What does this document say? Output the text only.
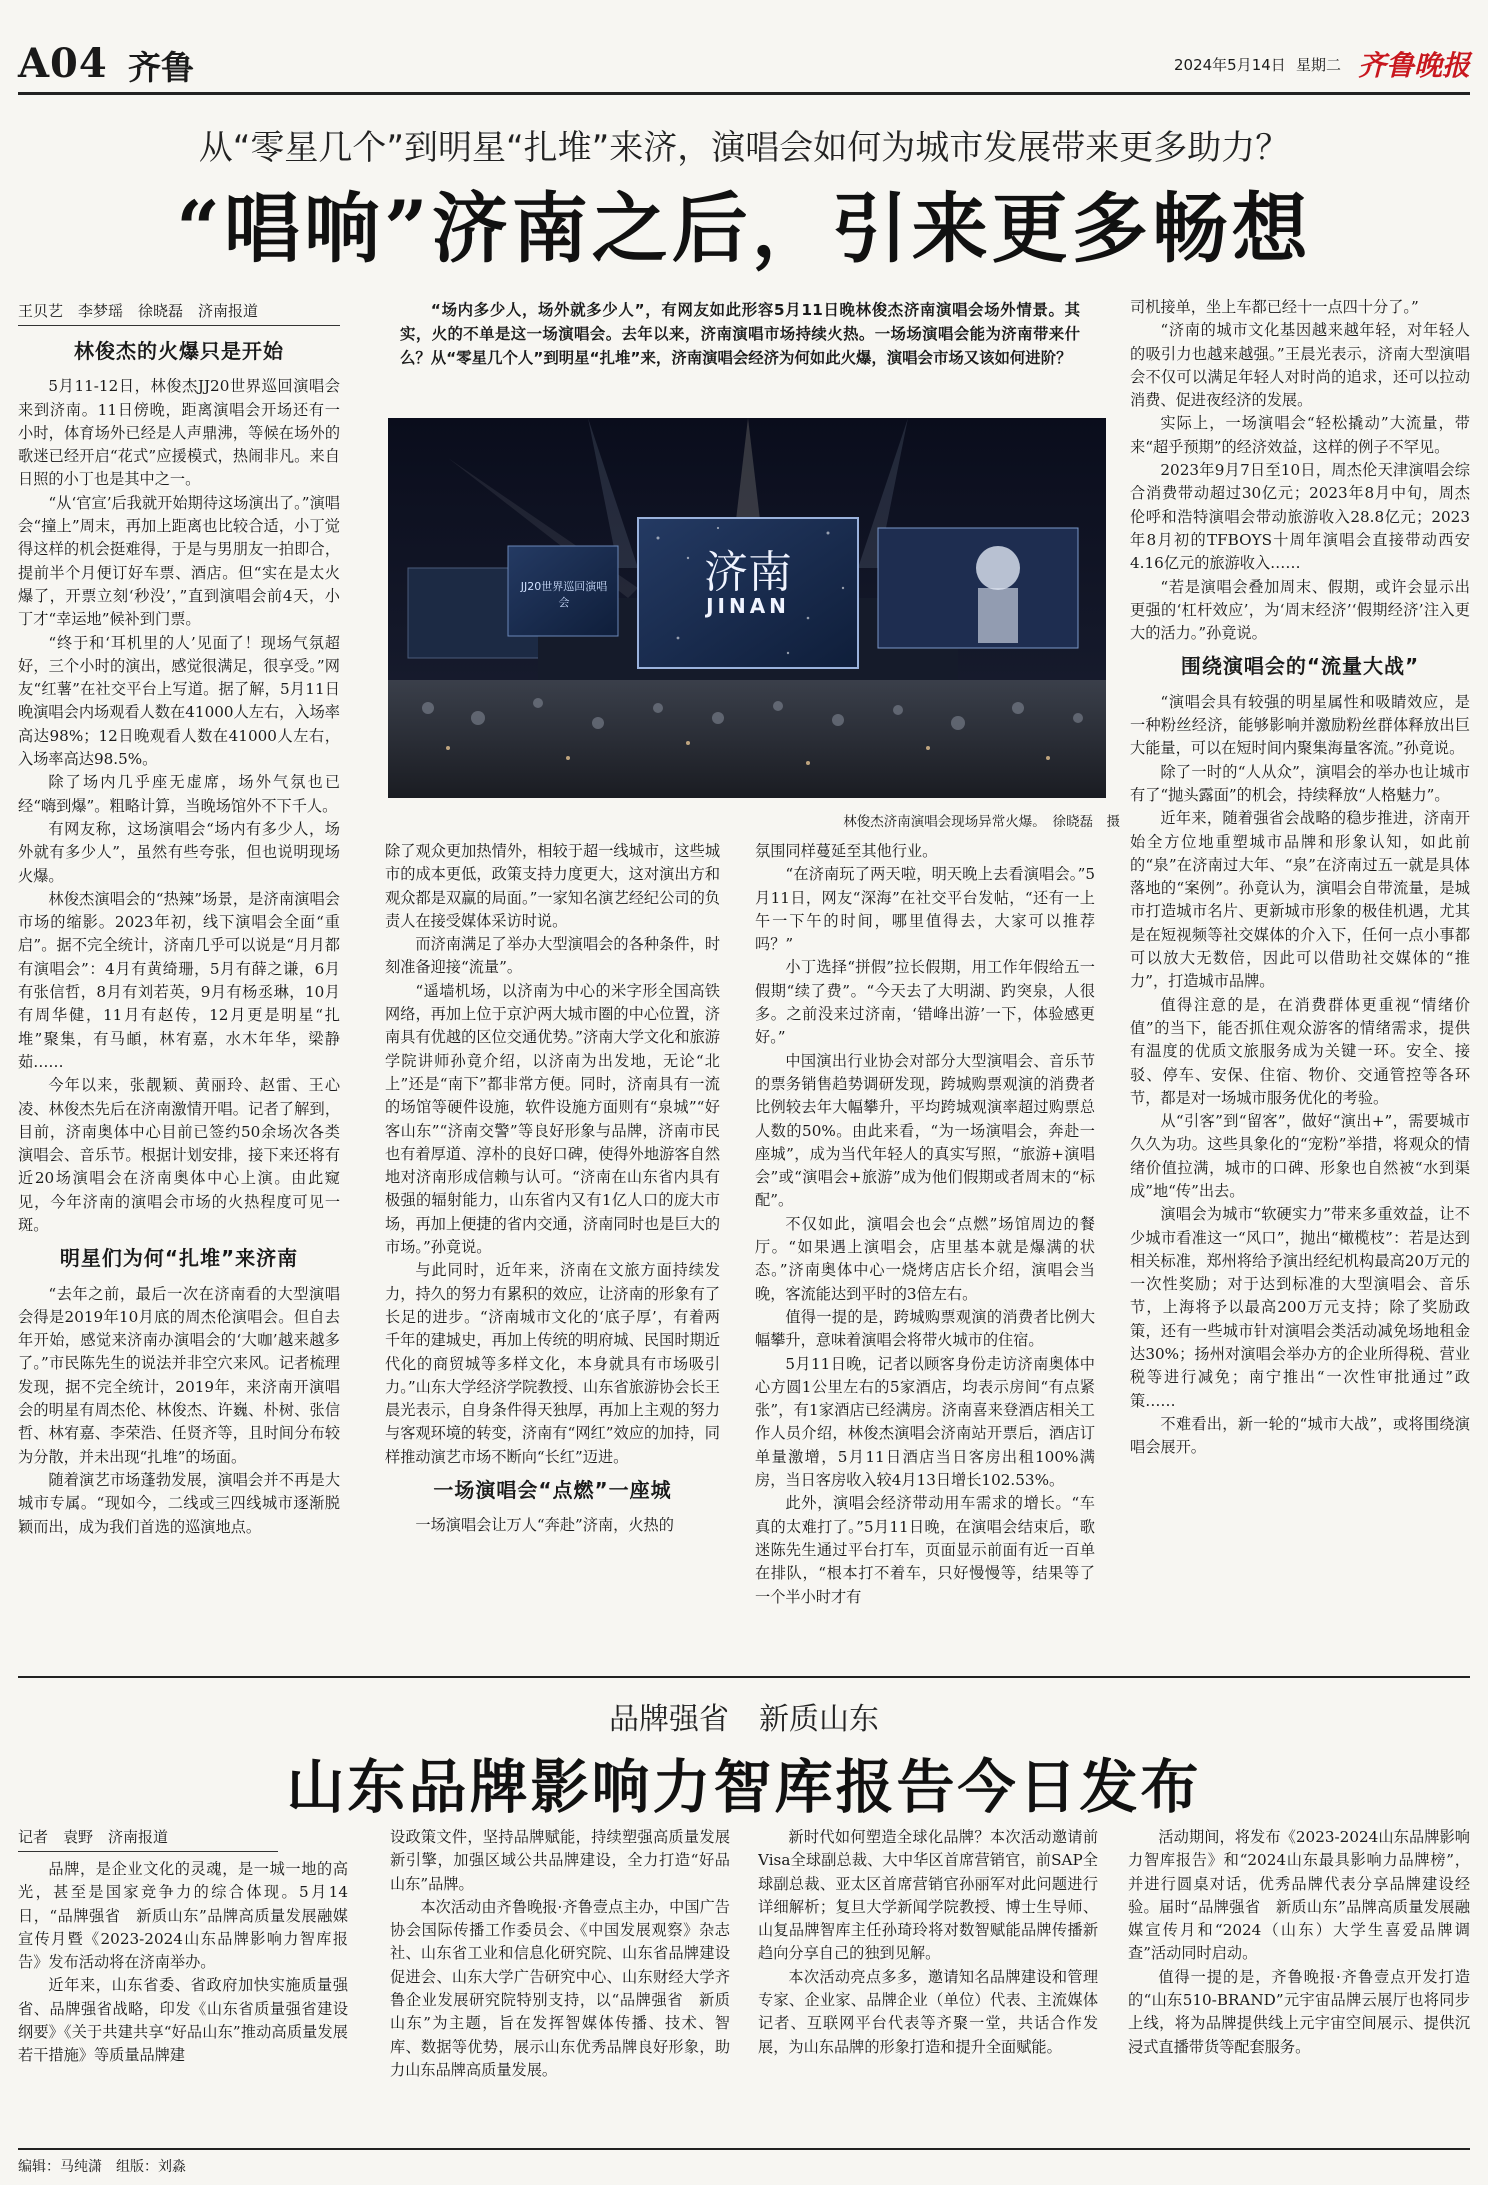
A04 齐鲁	2024年5月14日 星期二 齐鲁晚报
从“零星几个”到明星“扎堆”来济，演唱会如何为城市发展带来更多助力？
“唱响”济南之后，引来更多畅想
王贝艺　李梦瑶　徐晓磊　济南报道	“场内多少人，场外就多少人”，有网友如此形容5月11日晚林俊杰济南演唱会场外情景。其实，火的不单是这一场演唱会。去年以来，济南演唱市场持续火热。一场场演唱会能为济南带来什么？从“零星几个人”到明星“扎堆”来，济南演唱会经济为何如此火爆，演唱会市场又该如何进阶？
JJ20世界巡回演唱会
济南
JINAN
林俊杰济南演唱会现场异常火爆。　徐晓磊　摄

林俊杰的火爆只是开始

5月11-12日，林俊杰JJ20世界巡回演唱会来到济南。11日傍晚，距离演唱会开场还有一小时，体育场外已经是人声鼎沸，等候在场外的歌迷已经开启“花式”应援模式，热闹非凡。来自日照的小丁也是其中之一。

“从‘官宣’后我就开始期待这场演出了。”演唱会“撞上”周末，再加上距离也比较合适，小丁觉得这样的机会挺难得，于是与男朋友一拍即合，提前半个月便订好车票、酒店。但“实在是太火爆了，开票立刻‘秒没’，”直到演唱会前4天，小丁才“幸运地”候补到门票。

“终于和‘耳机里的人’见面了！现场气氛超好，三个小时的演出，感觉很满足，很享受。”网友“红薯”在社交平台上写道。据了解，5月11日晚演唱会内场观看人数在41000人左右，入场率高达98%；12日晚观看人数在41000人左右，入场率高达98.5%。

除了场内几乎座无虚席，场外气氛也已经“嗨到爆”。粗略计算，当晚场馆外不下千人。

有网友称，这场演唱会“场内有多少人，场外就有多少人”，虽然有些夸张，但也说明现场火爆。

林俊杰演唱会的“热辣”场景，是济南演唱会市场的缩影。2023年初，线下演唱会全面“重启”。据不完全统计，济南几乎可以说是“月月都有演唱会”：4月有黄绮珊，5月有薛之谦，6月有张信哲，8月有刘若英，9月有杨丞琳，10月有周华健，11月有赵传，12月更是明星“扎堆”聚集，有马頔，林宥嘉，水木年华，梁静茹……

今年以来，张靓颖、黄丽玲、赵雷、王心凌、林俊杰先后在济南激情开唱。记者了解到，目前，济南奥体中心目前已签约50余场次各类演唱会、音乐节。根据计划安排，接下来还将有近20场演唱会在济南奥体中心上演。由此窥见，今年济南的演唱会市场的火热程度可见一斑。

明星们为何“扎堆”来济南

“去年之前，最后一次在济南看的大型演唱会得是2019年10月底的周杰伦演唱会。但自去年开始，感觉来济南办演唱会的‘大咖’越来越多了。”市民陈先生的说法并非空穴来风。记者梳理发现，据不完全统计，2019年，来济南开演唱会的明星有周杰伦、林俊杰、许巍、朴树、张信哲、林宥嘉、李荣浩、任贤齐等，且时间分布较为分散，并未出现“扎堆”的场面。

随着演艺市场蓬勃发展，演唱会并不再是大城市专属。“现如今，二线或三四线城市逐渐脱颖而出，成为我们首选的巡演地点。

除了观众更加热情外，相较于超一线城市，这些城市的成本更低，政策支持力度更大，这对演出方和观众都是双赢的局面。”一家知名演艺经纪公司的负责人在接受媒体采访时说。

而济南满足了举办大型演唱会的各种条件，时刻准备迎接“流量”。

“遥墙机场，以济南为中心的米字形全国高铁网络，再加上位于京沪两大城市圈的中心位置，济南具有优越的区位交通优势。”济南大学文化和旅游学院讲师孙竟介绍，以济南为出发地，无论“北上”还是“南下”都非常方便。同时，济南具有一流的场馆等硬件设施，软件设施方面则有“泉城”“好客山东”“济南交警”等良好形象与品牌，济南市民也有着厚道、淳朴的良好口碑，使得外地游客自然地对济南形成信赖与认可。“济南在山东省内具有极强的辐射能力，山东省内又有1亿人口的庞大市场，再加上便捷的省内交通，济南同时也是巨大的市场。”孙竟说。

与此同时，近年来，济南在文旅方面持续发力，持久的努力有累积的效应，让济南的形象有了长足的进步。“济南城市文化的‘底子厚’，有着两千年的建城史，再加上传统的明府城、民国时期近代化的商贸城等多样文化，本身就具有市场吸引力。”山东大学经济学院教授、山东省旅游协会长王晨光表示，自身条件得天独厚，再加上主观的努力与客观环境的转变，济南有“网红”效应的加持，同样推动演艺市场不断向“长红”迈进。

一场演唱会“点燃”一座城

一场演唱会让万人“奔赴”济南，火热的

氛围同样蔓延至其他行业。

“在济南玩了两天啦，明天晚上去看演唱会。”5月11日，网友“深海”在社交平台发帖，“还有一上午一下午的时间，哪里值得去，大家可以推荐吗？”

小丁选择“拼假”拉长假期，用工作年假给五一假期“续了费”。“今天去了大明湖、趵突泉，人很多。之前没来过济南，‘错峰出游’一下，体验感更好。”

中国演出行业协会对部分大型演唱会、音乐节的票务销售趋势调研发现，跨城购票观演的消费者比例较去年大幅攀升，平均跨城观演率超过购票总人数的50%。由此来看，“为一场演唱会，奔赴一座城”，成为当代年轻人的真实写照，“旅游+演唱会”或“演唱会+旅游”成为他们假期或者周末的“标配”。

不仅如此，演唱会也会“点燃”场馆周边的餐厅。“如果遇上演唱会，店里基本就是爆满的状态。”济南奥体中心一烧烤店店长介绍，演唱会当晚，客流能达到平时的3倍左右。

值得一提的是，跨城购票观演的消费者比例大幅攀升，意味着演唱会将带火城市的住宿。

5月11日晚，记者以顾客身份走访济南奥体中心方圆1公里左右的5家酒店，均表示房间“有点紧张”，有1家酒店已经满房。济南喜来登酒店相关工作人员介绍，林俊杰演唱会济南站开票后，酒店订单量激增，5月11日酒店当日客房出租100%满房，当日客房收入较4月13日增长102.53%。

此外，演唱会经济带动用车需求的增长。“车真的太难打了。”5月11日晚，在演唱会结束后，歌迷陈先生通过平台打车，页面显示前面有近一百单在排队，“根本打不着车，只好慢慢等，结果等了一个半小时才有

司机接单，坐上车都已经十一点四十分了。”

“济南的城市文化基因越来越年轻，对年轻人的吸引力也越来越强。”王晨光表示，济南大型演唱会不仅可以满足年轻人对时尚的追求，还可以拉动消费、促进夜经济的发展。

实际上，一场演唱会“轻松撬动”大流量，带来“超乎预期”的经济效益，这样的例子不罕见。

2023年9月7日至10日，周杰伦天津演唱会综合消费带动超过30亿元；2023年8月中旬，周杰伦呼和浩特演唱会带动旅游收入28.8亿元；2023年8月初的TFBOYS十周年演唱会直接带动西安4.16亿元的旅游收入……

“若是演唱会叠加周末、假期，或许会显示出更强的‘杠杆效应’，为‘周末经济’‘假期经济’注入更大的活力。”孙竟说。

围绕演唱会的“流量大战”

“演唱会具有较强的明星属性和吸睛效应，是一种粉丝经济，能够影响并激励粉丝群体释放出巨大能量，可以在短时间内聚集海量客流。”孙竟说。

除了一时的“人从众”，演唱会的举办也让城市有了“抛头露面”的机会，持续释放“人格魅力”。

近年来，随着强省会战略的稳步推进，济南开始全方位地重塑城市品牌和形象认知，如此前的“泉”在济南过大年、“泉”在济南过五一就是具体落地的“案例”。孙竟认为，演唱会自带流量，是城市打造城市名片、更新城市形象的极佳机遇，尤其是在短视频等社交媒体的介入下，任何一点小事都可以放大无数倍，因此可以借助社交媒体的“推力”，打造城市品牌。

值得注意的是，在消费群体更重视“情绪价值”的当下，能否抓住观众游客的情绪需求，提供有温度的优质文旅服务成为关键一环。安全、接驳、停车、安保、住宿、物价、交通管控等各环节，都是对一场城市服务优化的考验。

从“引客”到“留客”，做好“演出+”，需要城市久久为功。这些具象化的“宠粉”举措，将观众的情绪价值拉满，城市的口碑、形象也自然被“水到渠成”地“传”出去。

演唱会为城市“软硬实力”带来多重效益，让不少城市看准这一“风口”，抛出“橄榄枝”：若是达到相关标准，郑州将给予演出经纪机构最高20万元的一次性奖励；对于达到标准的大型演唱会、音乐节，上海将予以最高200万元支持；除了奖励政策，还有一些城市针对演唱会类活动减免场地租金达30%；扬州对演唱会举办方的企业所得税、营业税等进行减免；南宁推出“一次性审批通过”政策……

不难看出，新一轮的“城市大战”，或将围绕演唱会展开。

品牌强省　新质山东
山东品牌影响力智库报告今日发布
记者　袁野　济南报道

品牌，是企业文化的灵魂，是一城一地的高光，甚至是国家竞争力的综合体现。5月14日，“品牌强省　新质山东”品牌高质量发展融媒宣传月暨《2023-2024山东品牌影响力智库报告》发布活动将在济南举办。

近年来，山东省委、省政府加快实施质量强省、品牌强省战略，印发《山东省质量强省建设纲要》《关于共建共享“好品山东”推动高质量发展若干措施》等质量品牌建

设政策文件，坚持品牌赋能，持续塑强高质量发展新引擎，加强区域公共品牌建设，全力打造“好品山东”品牌。

本次活动由齐鲁晚报·齐鲁壹点主办，中国广告协会国际传播工作委员会、《中国发展观察》杂志社、山东省工业和信息化研究院、山东省品牌建设促进会、山东大学广告研究中心、山东财经大学齐鲁企业发展研究院特别支持，以“品牌强省　新质山东”为主题，旨在发挥智媒体传播、技术、智库、数据等优势，展示山东优秀品牌良好形象，助力山东品牌高质量发展。

新时代如何塑造全球化品牌？本次活动邀请前Visa全球副总裁、大中华区首席营销官，前SAP全球副总裁、亚太区首席营销官孙丽军对此问题进行详细解析；复旦大学新闻学院教授、博士生导师、山复品牌智库主任孙琦玲将对数智赋能品牌传播新趋向分享自己的独到见解。

本次活动亮点多多，邀请知名品牌建设和管理专家、企业家、品牌企业（单位）代表、主流媒体记者、互联网平台代表等齐聚一堂，共话合作发展，为山东品牌的形象打造和提升全面赋能。

活动期间，将发布《2023-2024山东品牌影响力智库报告》和“2024山东最具影响力品牌榜”，并进行圆桌对话，优秀品牌代表分享品牌建设经验。届时“品牌强省　新质山东”品牌高质量发展融媒宣传月和“2024（山东）大学生喜爱品牌调查”活动同时启动。

值得一提的是，齐鲁晚报·齐鲁壹点开发打造的“山东510-BRAND”元宇宙品牌云展厅也将同步上线，将为品牌提供线上元宇宙空间展示、提供沉浸式直播带货等配套服务。

编辑：马纯潇　组版：刘淼
